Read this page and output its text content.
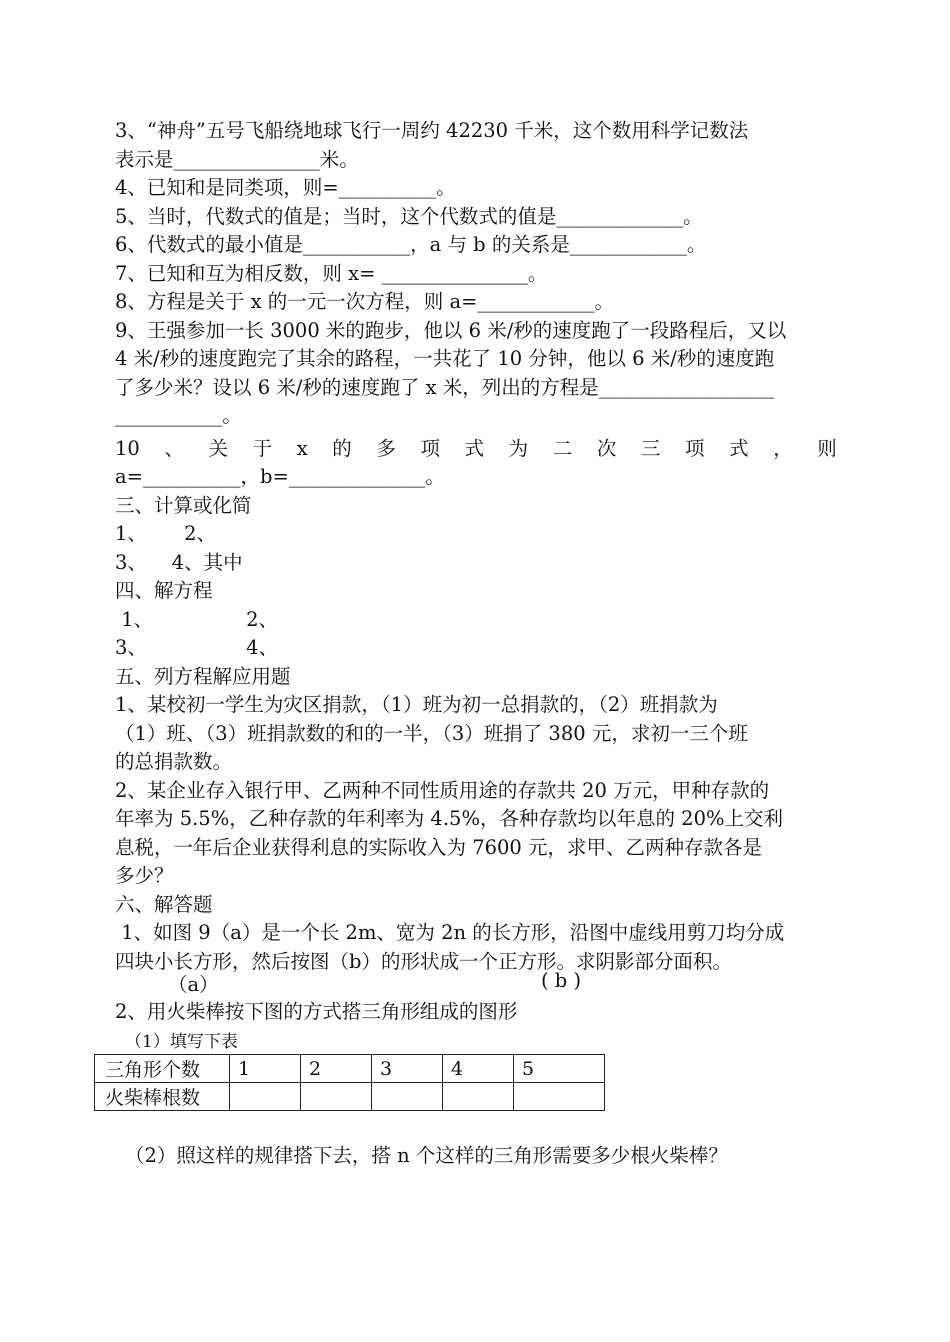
3、“神舟”五号飞船绕地球飞行一周约 42230 千米，这个数用科学记数法
表示是_______________米。
4、已知和是同类项，则=__________。
5、当时，代数式的值是；当时，这个代数式的值是_____________。
6、代数式的最小值是___________，a 与 b 的关系是____________。
7、已知和互为相反数，则 x= _______________。
8、方程是关于 x 的一元一次方程，则 a=____________。
9、王强参加一长 3000 米的跑步，他以 6 米/秒的速度跑了一段路程后，又以
4 米/秒的速度跑完了其余的路程，一共花了 10 分钟，他以 6 米/秒的速度跑
了多少米？设以 6 米/秒的速度跑了 x 米，列出的方程是__________________
___________。
10 、 关 于 x 的 多 项 式 为 二 次 三 项 式 ， 则
a=__________，b=______________。
三、计算或化简
1、      2、
3、    4、其中
四、解方程
1、               2、
3、                4、
五、列方程解应用题
1、某校初一学生为灾区捐款，（1）班为初一总捐款的，（2）班捐款为
（1）班、（3）班捐款数的和的一半，（3）班捐了 380 元，求初一三个班
的总捐款数。
2、某企业存入银行甲、乙两种不同性质用途的存款共 20 万元，甲种存款的
年率为 5.5%，乙种存款的年利率为 4.5%，各种存款均以年息的 20%上交利
息税，一年后企业获得利息的实际收入为 7600 元，求甲、乙两种存款各是
多少？
六、解答题
1、如图 9（a）是一个长 2m、宽为 2n 的长方形，沿图中虚线用剪刀均分成
四块小长方形，然后按图（b）的形状成一个正方形。求阴影部分面积。
（a）	( b )
2、用火柴棒按下图的方式搭三角形组成的图形
（1）填写下表
三角形个数	1	2	3	4	5
火柴棒根数					
（2）照这样的规律搭下去，搭 n 个这样的三角形需要多少根火柴棒？
